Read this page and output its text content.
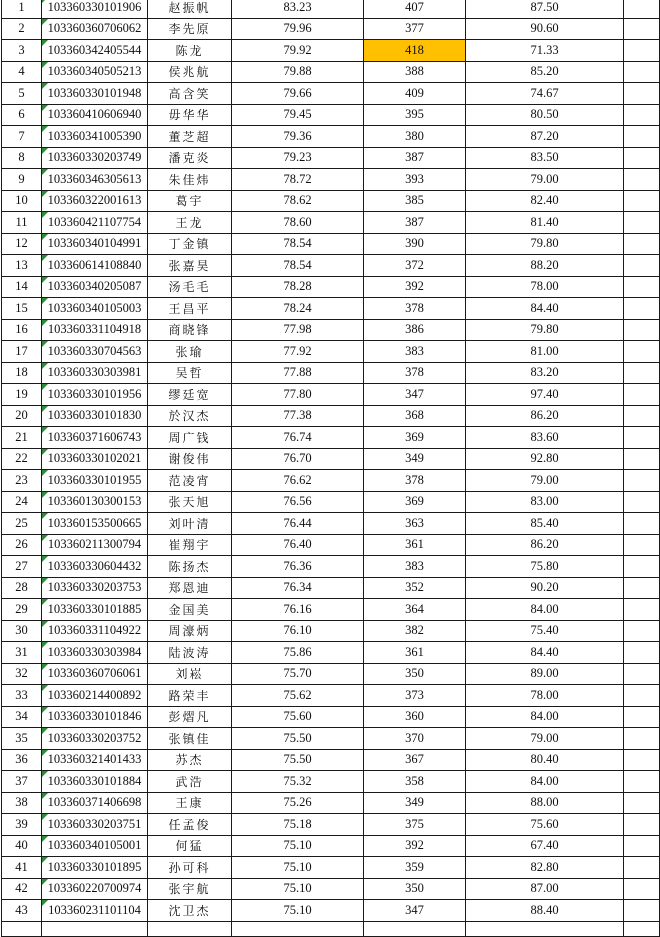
1	103360330101906	赵振帆	83.23	407	87.50	
2	103360360706062	李先原	79.96	377	90.60	
3	103360342405544	陈龙	79.92	418	71.33	
4	103360340505213	侯兆航	79.88	388	85.20	
5	103360330101948	高含笑	79.66	409	74.67	
6	103360410606940	毋华华	79.45	395	80.50	
7	103360341005390	董芝超	79.36	380	87.20	
8	103360330203749	潘克炎	79.23	387	83.50	
9	103360346305613	朱佳炜	78.72	393	79.00	
10	103360322001613	葛宇	78.62	385	82.40	
11	103360421107754	王龙	78.60	387	81.40	
12	103360340104991	丁金镇	78.54	390	79.80	
13	103360614108840	张嘉昊	78.54	372	88.20	
14	103360340205087	汤毛毛	78.28	392	78.00	
15	103360340105003	王昌平	78.24	378	84.40	
16	103360331104918	商晓锋	77.98	386	79.80	
17	103360330704563	张瑜	77.92	383	81.00	
18	103360330303981	吴哲	77.88	378	83.20	
19	103360330101956	缪廷宽	77.80	347	97.40	
20	103360330101830	於汉杰	77.38	368	86.20	
21	103360371606743	周广钱	76.74	369	83.60	
22	103360330102021	谢俊伟	76.70	349	92.80	
23	103360330101955	范凌宵	76.62	378	79.00	
24	103360130300153	张天旭	76.56	369	83.00	
25	103360153500665	刘叶清	76.44	363	85.40	
26	103360211300794	崔翔宇	76.40	361	86.20	
27	103360330604432	陈扬杰	76.36	383	75.80	
28	103360330203753	郑恩迪	76.34	352	90.20	
29	103360330101885	金国美	76.16	364	84.00	
30	103360331104922	周濠炳	76.10	382	75.40	
31	103360330303984	陆波涛	75.86	361	84.40	
32	103360360706061	刘崧	75.70	350	89.00	
33	103360214400892	路荣丰	75.62	373	78.00	
34	103360330101846	彭熠凡	75.60	360	84.00	
35	103360330203752	张镇佳	75.50	370	79.00	
36	103360321401433	苏杰	75.50	367	80.40	
37	103360330101884	武浩	75.32	358	84.00	
38	103360371406698	王康	75.26	349	88.00	
39	103360330203751	任孟俊	75.18	375	75.60	
40	103360340105001	何猛	75.10	392	67.40	
41	103360330101895	孙可科	75.10	359	82.80	
42	103360220700974	张宇航	75.10	350	87.00	
43	103360231101104	沈卫杰	75.10	347	88.40	
